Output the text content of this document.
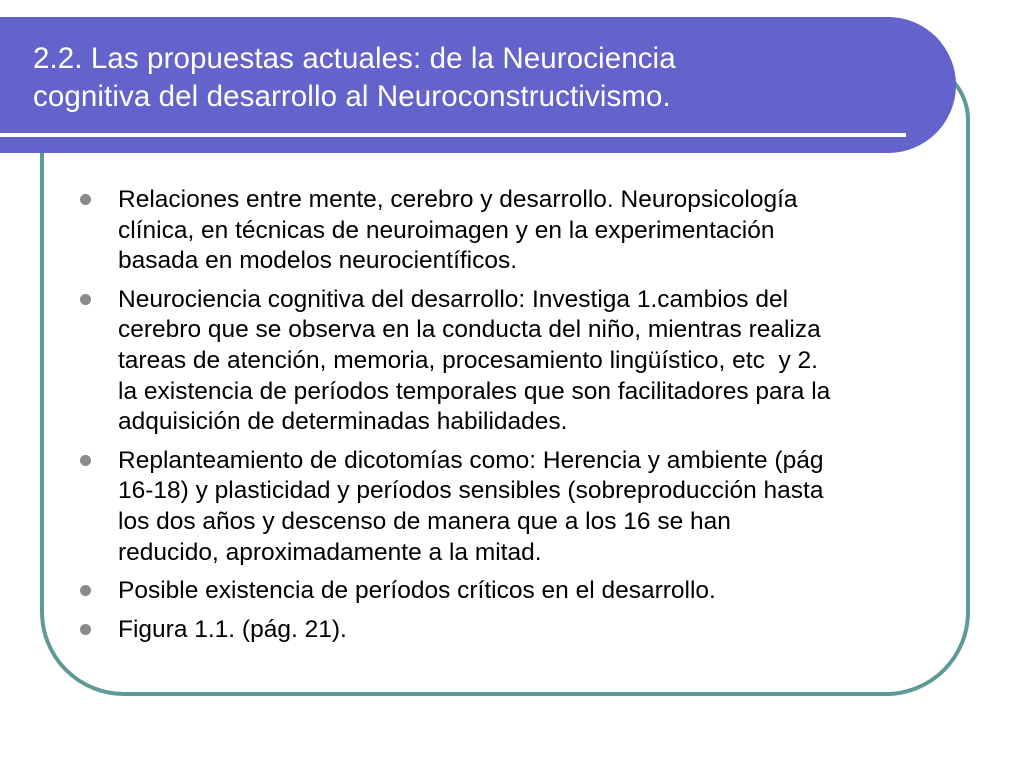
2.2. Las propuestas actuales: de la Neurociencia
cognitiva del desarrollo al Neuroconstructivismo.
Relaciones entre mente, cerebro y desarrollo. Neuropsicología
clínica, en técnicas de neuroimagen y en la experimentación
basada en modelos neurocientíficos.
Neurociencia cognitiva del desarrollo: Investiga 1.cambios del
cerebro que se observa en la conducta del niño, mientras realiza
tareas de atención, memoria, procesamiento lingüístico, etc  y 2.
la existencia de períodos temporales que son facilitadores para la
adquisición de determinadas habilidades.
Replanteamiento de dicotomías como: Herencia y ambiente (pág
16-18) y plasticidad y períodos sensibles (sobreproducción hasta
los dos años y descenso de manera que a los 16 se han
reducido, aproximadamente a la mitad.
Posible existencia de períodos críticos en el desarrollo.
Figura 1.1. (pág. 21).
